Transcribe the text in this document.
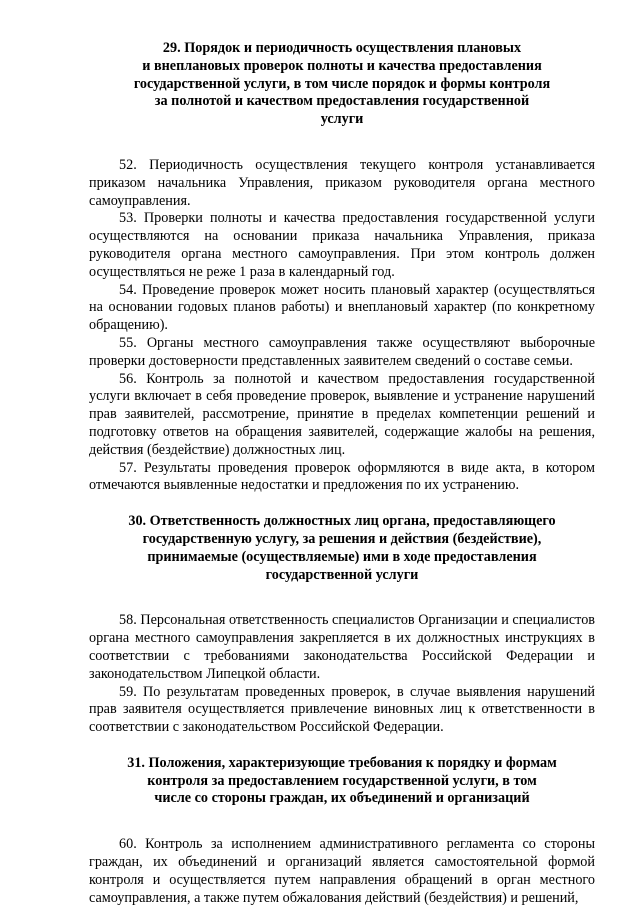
29. Порядок и периодичность осуществления плановых
и внеплановых проверок полноты и качества предоставления
государственной услуги, в том числе порядок и формы контроля
за полнотой и качеством предоставления государственной
услуги

52. Периодичность осуществления текущего контроля устанавливается приказом начальника Управления, приказом руководителя органа местного самоуправления.

53. Проверки полноты и качества предоставления государственной услуги осуществляются на основании приказа начальника Управления, приказа руководителя органа местного самоуправления. При этом контроль должен осуществляться не реже 1 раза в календарный год.

54. Проведение проверок может носить плановый характер (осуществляться на основании годовых планов работы) и внеплановый характер (по конкретному обращению).

55. Органы местного самоуправления также осуществляют выборочные проверки достоверности представленных заявителем сведений о составе семьи.

56. Контроль за полнотой и качеством предоставления государственной услуги включает в себя проведение проверок, выявление и устранение нарушений прав заявителей, рассмотрение, принятие в пределах компетенции решений и подготовку ответов на обращения заявителей, содержащие жалобы на решения, действия (бездействие) должностных лиц.

57. Результаты проведения проверок оформляются в виде акта, в котором отмечаются выявленные недостатки и предложения по их устранению.

30. Ответственность должностных лиц органа, предоставляющего
государственную услугу, за решения и действия (бездействие),
принимаемые (осуществляемые) ими в ходе предоставления
государственной услуги

58. Персональная ответственность специалистов Организации и специалистов органа местного самоуправления закрепляется в их должностных инструкциях в соответствии с требованиями законодательства Российской Федерации и законодательством Липецкой области.

59. По результатам проведенных проверок, в случае выявления нарушений прав заявителя осуществляется привлечение виновных лиц к ответственности в соответствии с законодательством Российской Федерации.

31. Положения, характеризующие требования к порядку и формам
контроля за предоставлением государственной услуги, в том
числе со стороны граждан, их объединений и организаций

60. Контроль за исполнением административного регламента со стороны граждан, их объединений и организаций является самостоятельной формой контроля и осуществляется путем направления обращений в орган местного самоуправления, а также путем обжалования действий (бездействия) и решений,
